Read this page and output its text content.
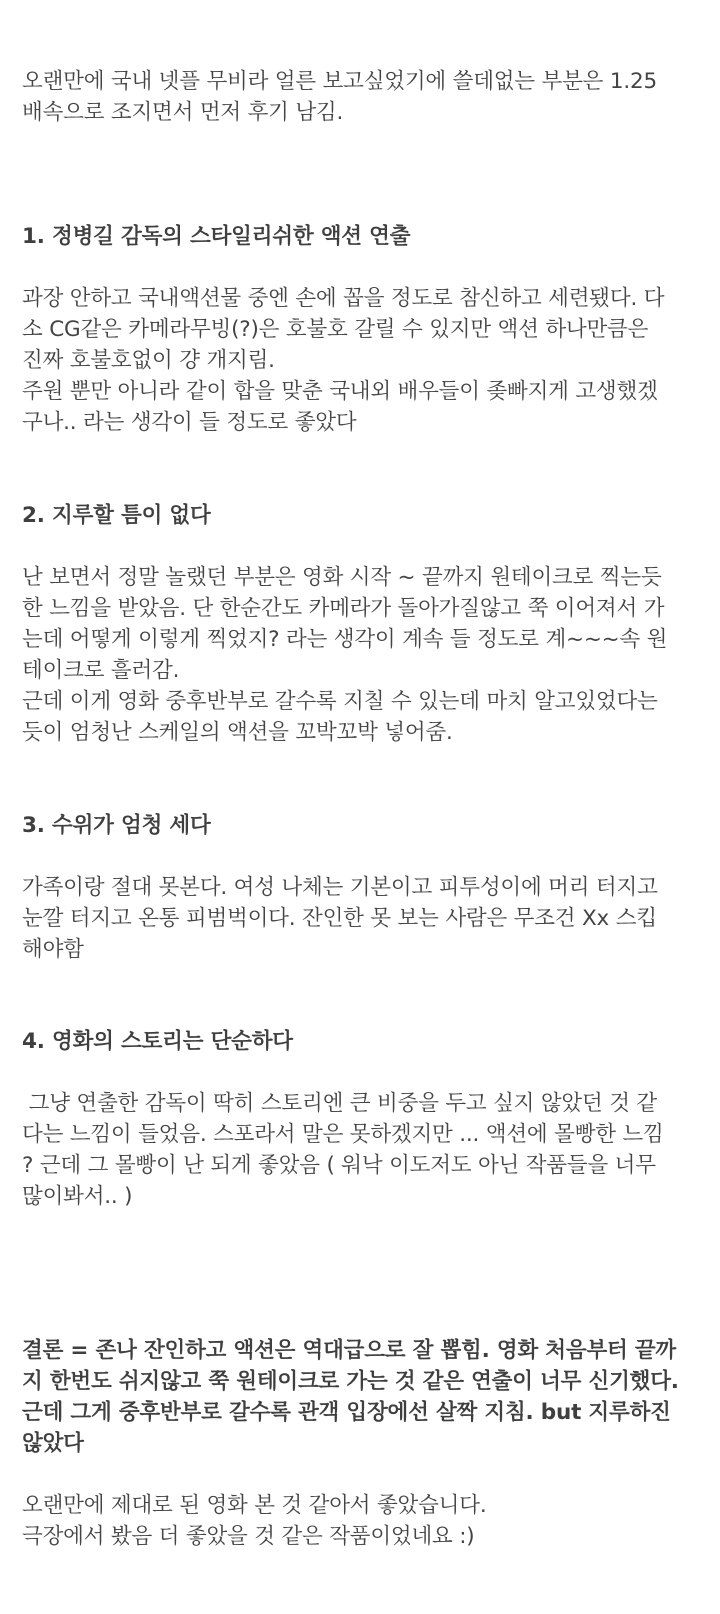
오랜만에 국내 넷플 무비라 얼른 보고싶었기에 쓸데없는 부분은 1.25

배속으로 조지면서 먼저 후기 남김.

1. 정병길 감독의 스타일리쉬한 액션 연출

과장 안하고 국내액션물 중엔 손에 꼽을 정도로 참신하고 세련됐다. 다

소 CG같은 카메라무빙(?)은 호불호 갈릴 수 있지만 액션 하나만큼은

진짜 호불호없이 걍 개지림.

주원 뿐만 아니라 같이 합을 맞춘 국내외 배우들이 좆빠지게 고생했겠

구나.. 라는 생각이 들 정도로 좋았다

2. 지루할 틈이 없다

난 보면서 정말 놀랬던 부분은 영화 시작 ~ 끝까지 원테이크로 찍는듯

한 느낌을 받았음. 단 한순간도 카메라가 돌아가질않고 쭉 이어져서 가

는데 어떻게 이렇게 찍었지? 라는 생각이 계속 들 정도로 계~~~속 원

테이크로 흘러감.

근데 이게 영화 중후반부로 갈수록 지칠 수 있는데 마치 알고있었다는

듯이 엄청난 스케일의 액션을 꼬박꼬박 넣어줌.

3. 수위가 엄청 세다

가족이랑 절대 못본다. 여성 나체는 기본이고 피투성이에 머리 터지고

눈깔 터지고 온통 피범벅이다. 잔인한 못 보는 사람은 무조건 Xx 스킵

해야함

4. 영화의 스토리는 단순하다

그냥 연출한 감독이 딱히 스토리엔 큰 비중을 두고 싶지 않았던 것 같

다는 느낌이 들었음. 스포라서 말은 못하겠지만 ... 액션에 몰빵한 느낌

? 근데 그 몰빵이 난 되게 좋았음 ( 워낙 이도저도 아닌 작품들을 너무

많이봐서.. )

결론 = 존나 잔인하고 액션은 역대급으로 잘 뽑힘. 영화 처음부터 끝까

지 한번도 쉬지않고 쭉 원테이크로 가는 것 같은 연출이 너무 신기했다.

근데 그게 중후반부로 갈수록 관객 입장에선 살짝 지침. but 지루하진

않았다

오랜만에 제대로 된 영화 본 것 같아서 좋았습니다.

극장에서 봤음 더 좋았을 것 같은 작품이었네요 :)
